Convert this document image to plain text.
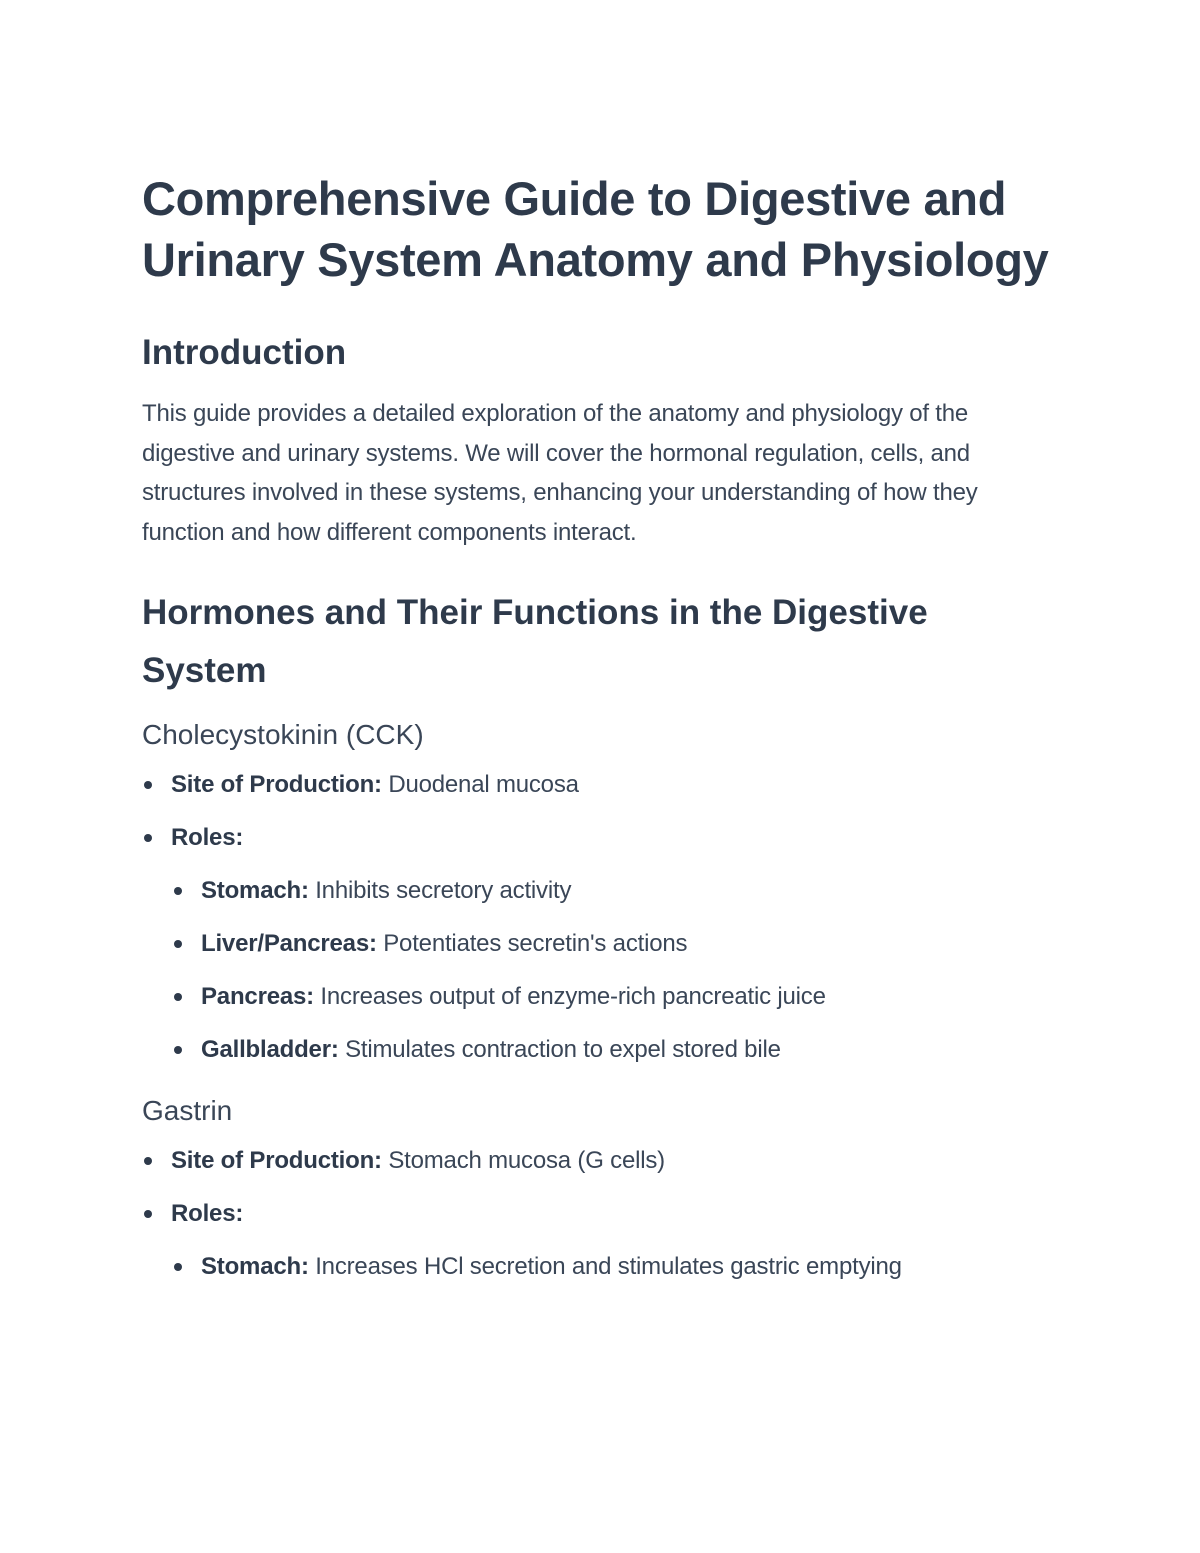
Comprehensive Guide to Digestive and Urinary System Anatomy and Physiology
Introduction

This guide provides a detailed exploration of the anatomy and physiology of the digestive and urinary systems. We will cover the hormonal regulation, cells, and structures involved in these systems, enhancing your understanding of how they function and how different components interact.

Hormones and Their Functions in the Digestive System
Cholecystokinin (CCK)
Site of Production: Duodenal mucosa
Roles:
Stomach: Inhibits secretory activity
Liver/Pancreas: Potentiates secretin's actions
Pancreas: Increases output of enzyme-rich pancreatic juice
Gallbladder: Stimulates contraction to expel stored bile
Gastrin
Site of Production: Stomach mucosa (G cells)
Roles:
Stomach: Increases HCl secretion and stimulates gastric emptying
